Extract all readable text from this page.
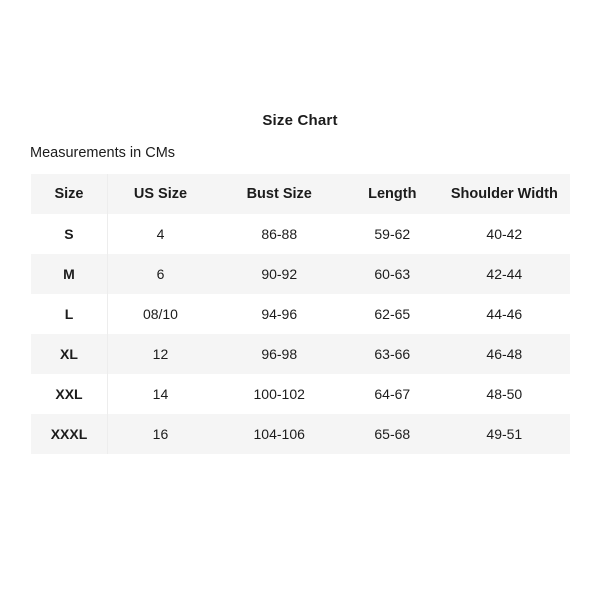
Size Chart
Measurements in CMs
Size	US Size	Bust Size	Length	Shoulder Width
S	4	86-88	59-62	40-42
M	6	90-92	60-63	42-44
L	08/10	94-96	62-65	44-46
XL	12	96-98	63-66	46-48
XXL	14	100-102	64-67	48-50
XXXL	16	104-106	65-68	49-51
